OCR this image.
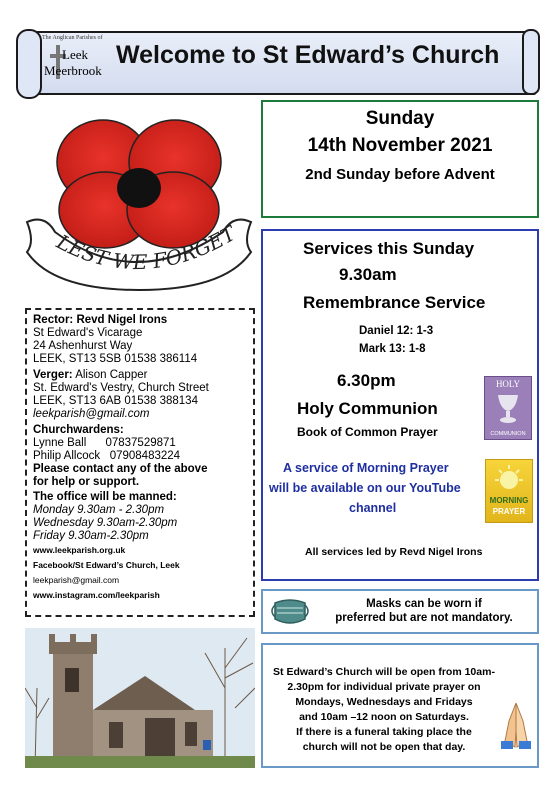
The Anglican Parishes of
Leek
Meerbrook
Welcome to St Edward’s Church
LEST WE FORGET
Sunday
14th November 2021
2nd Sunday before Advent
Services this Sunday
9.30am
Remembrance Service
Daniel 12: 1-3
Mark 13: 1-8
6.30pm
Holy Communion
Book of Common Prayer
HOLY
COMMUNION
A service of Morning Prayer
will be available on our YouTube
channel
MORNING
PRAYER
All services led by Revd Nigel Irons
Rector: Revd Nigel Irons
St Edward's Vicarage
24 Ashenhurst Way
LEEK, ST13 5SB 01538 386114
Verger: Alison Capper
St. Edward's Vestry, Church Street
LEEK, ST13 6AB 01538 388134
leekparish@gmail.com
Churchwardens:
Lynne Ball      07837529871
Philip Allcock   07908483224
Please contact any of the above
for help or support.
The office will be manned:
Monday 9.30am - 2.30pm
Wednesday 9.30am-2.30pm
Friday 9.30am-2.30pm
www.leekparish.org.uk
Facebook/St Edward’s Church, Leek
leekparish@gmail.com
www.instagram.com/leekparish
Masks can be worn if
preferred but are not mandatory.
St Edward’s Church will be open from 10am-
2.30pm for individual private prayer on
Mondays, Wednesdays and Fridays
and 10am –12 noon on Saturdays.
If there is a funeral taking place the
church will not be open that day.
